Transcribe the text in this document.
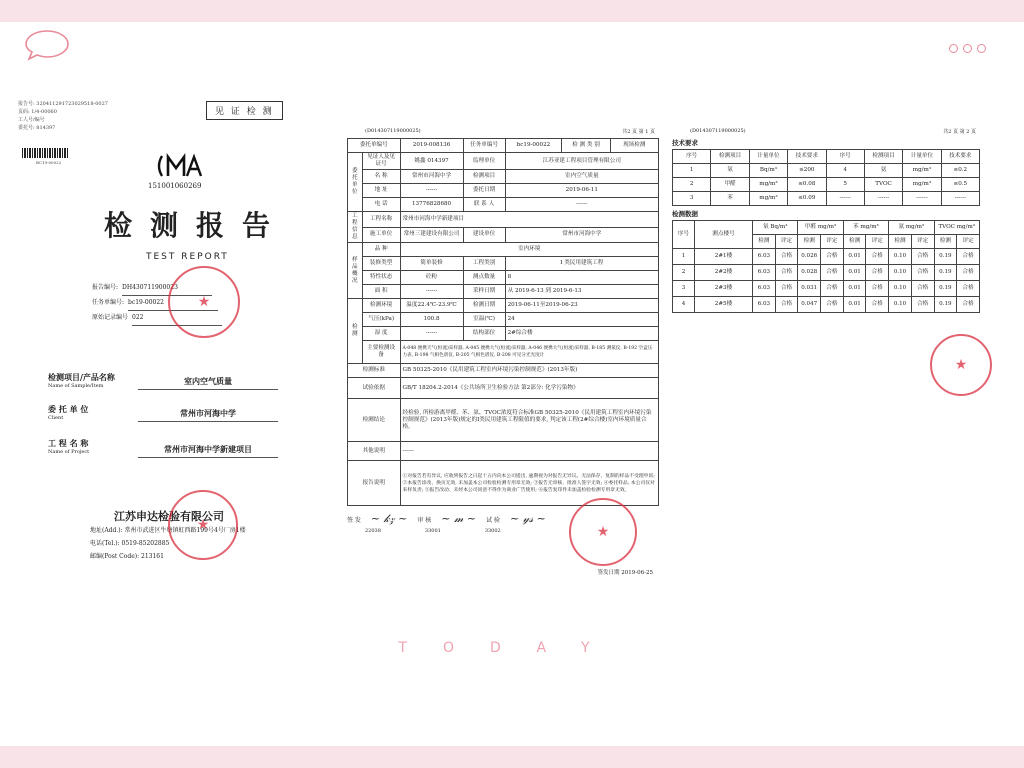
报告号: 320411291723029518-0027
页码: 1/4-00060
工人号/编号
委托号: 814397
见 证 检 测
BC19-00022
151001060269
检测报告
TEST REPORT
报告编号: DH430711900023
任务单编号: bc19-00022
原始记录编号 022
★
检测项目/产品名称
Name of Sample/Item	室内空气质量
委 托 单 位
Client	常州市河海中学
工 程 名 称
Name of Project	常州市河海中学新建项目
江苏申达检验有限公司
地址(Add.): 常州市武进区牛塘镇虹西路199号4号厂房1楼
电话(Tel.): 0519-85202885
邮编(Post Code): 213161
★
(D014307119000025)	共2 页 第 1 页
委托单编号		2019-008136	任务单编号	bc19-00022	检 测 类 别	现场检测
委托单位	见证人及见证号	姚鑫 014397	监理单位	江苏亚建工程项目管理有限公司		
	名 称	常州市河海中学	检测项目	室内空气质量		
	地 址	------	委托日期	2019-06-11		
	电 话	13776828680	联 系 人	------		
工程信息	工程名称	常州市河海中学新建项目				
	施工单位	常州三建建设有限公司	建设单位	常州市河海中学		
样品概况	品 种	室内环境				
	装修类型	简单装修	工程类别	I 类民用建筑工程		
	特性状态	砼粉	测点数量	8		
	面 积	------	采样日期	从 2019-6-13 到 2019-6-13		
检测	检测环境	温度22.4℃-23.9℃	检测日期	2019-06-11至2019-06-23		
	气压(kPa)	100.8	室温(℃)	24		
	湿 度	------	结构部位	2#综合楼		
	主要检测设备	A-048 便携天气(恒流)采样器, A-045 便携大气(恒流)采样器, A-046 便携大气(恒流)采样器, B-185 测氡仪, B-192 空盒压力表, B-198 气相色谱仪, B-205 气相色谱仪, B-208 可见分光光度计				
检测标准		GB 50325-2010《民用建筑工程室内环境污染控制规范》(2013年版)				
试验依据		GB/T 18204.2-2014《公共场所卫生检验方法 第2部分: 化学污染物》				
检测结论		经检验, 所检游离甲醛、苯、氨、TVOC浓度符合标准GB 50325-2010《民用建筑工程室内环境污染控制规范》(2013年版)规定的I类民用建筑工程限值的要求, 判定该工程(2#综合楼)室内环境质量合格。				
其他说明		------				
报告说明		①对报告若有异议, 应收到报告之日起十五内向本公司提出, 逾期视为对报告无异议。无法保存、复制的样品不受理申诉; ②本报告涂改、换页无效, 未加盖本公司检验检测专用章无效; ③报告无审核、批准人签字无效; ④委托样品, 本公司仅对来样负责; ⑤报告改动、未经本公司同意不得作为商业广告使用; ⑥报告复印件未加盖检验检测专用章无效。				
签 发 ~ 𝓀𝓏 ~ 审 核 ~ 𝓂 ~ 试 验 ~ 𝓎𝓈 ~
22038	33001	33002
签发日期 2019-06-25
★
(D014307119000025)	共2 页 第 2 页
技术要求
序号	检测项目	计量单位	技术要求	序号	检测项目	计量单位	技术要求
1	氡	Bq/m³	≤200	4	氨	mg/m³	≤0.2
2	甲醛	mg/m³	≤0.08	5	TVOC	mg/m³	≤0.5
3	苯	mg/m³	≤0.09	------	------	------	------
检测数据
序号	测点楼号	氡 Bq/m³		甲醛 mg/m³		苯 mg/m³		氨 mg/m³		TVOC mg/m³	
		检测	评定	检测	评定	检测	评定	检测	评定	检测	评定
1	2#1楼	6.03	合格	0.026	合格	0.01	合格	0.10	合格	0.19	合格
2	2#2楼	6.03	合格	0.028	合格	0.01	合格	0.10	合格	0.19	合格
3	2#3楼	6.03	合格	0.031	合格	0.01	合格	0.10	合格	0.19	合格
4	2#5楼	6.03	合格	0.047	合格	0.01	合格	0.10	合格	0.19	合格
★
TODAY
